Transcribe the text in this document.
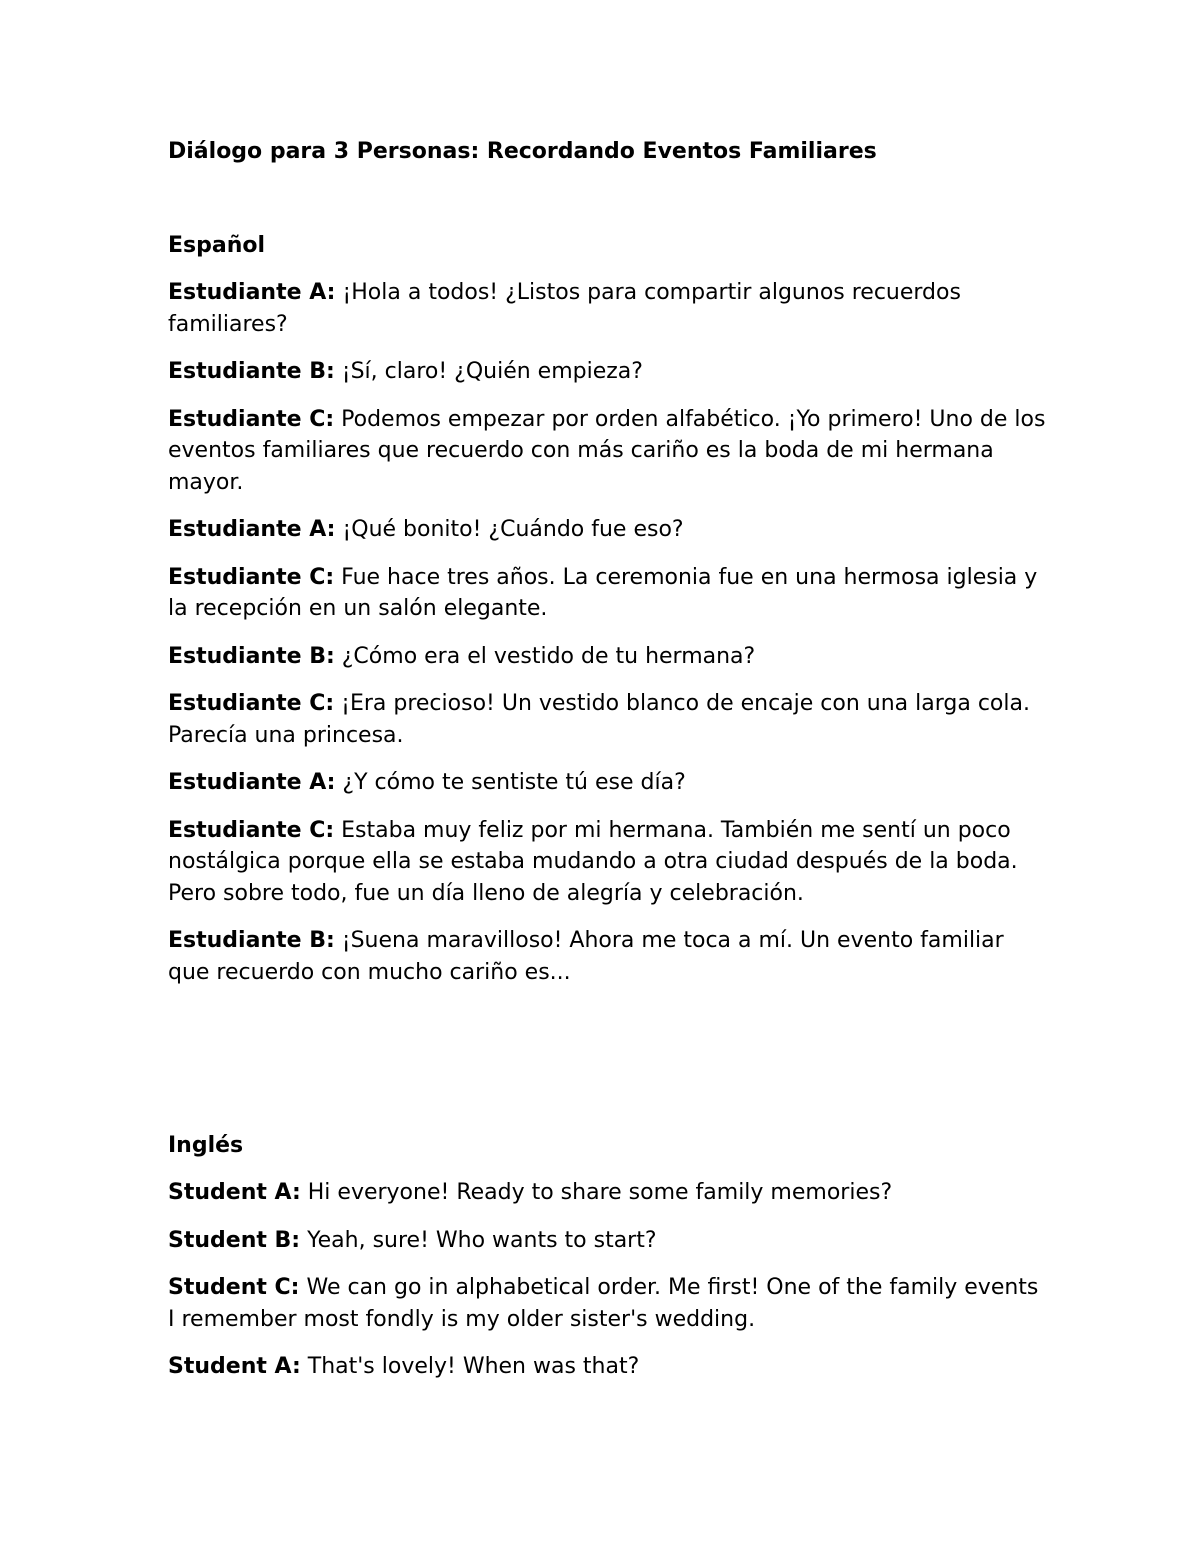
Diálogo para 3 Personas: Recordando Eventos Familiares
Español

Estudiante A: ¡Hola a todos! ¿Listos para compartir algunos recuerdos familiares?

Estudiante B: ¡Sí, claro! ¿Quién empieza?

Estudiante C: Podemos empezar por orden alfabético. ¡Yo primero! Uno de los eventos familiares que recuerdo con más cariño es la boda de mi hermana mayor.

Estudiante A: ¡Qué bonito! ¿Cuándo fue eso?

Estudiante C: Fue hace tres años. La ceremonia fue en una hermosa iglesia y la recepción en un salón elegante.

Estudiante B: ¿Cómo era el vestido de tu hermana?

Estudiante C: ¡Era precioso! Un vestido blanco de encaje con una larga cola. Parecía una princesa.

Estudiante A: ¿Y cómo te sentiste tú ese día?

Estudiante C: Estaba muy feliz por mi hermana. También me sentí un poco nostálgica porque ella se estaba mudando a otra ciudad después de la boda. Pero sobre todo, fue un día lleno de alegría y celebración.

Estudiante B: ¡Suena maravilloso! Ahora me toca a mí. Un evento familiar que recuerdo con mucho cariño es...

Inglés

Student A: Hi everyone! Ready to share some family memories?

Student B: Yeah, sure! Who wants to start?

Student C: We can go in alphabetical order. Me first! One of the family events I remember most fondly is my older sister's wedding.

Student A: That's lovely! When was that?
